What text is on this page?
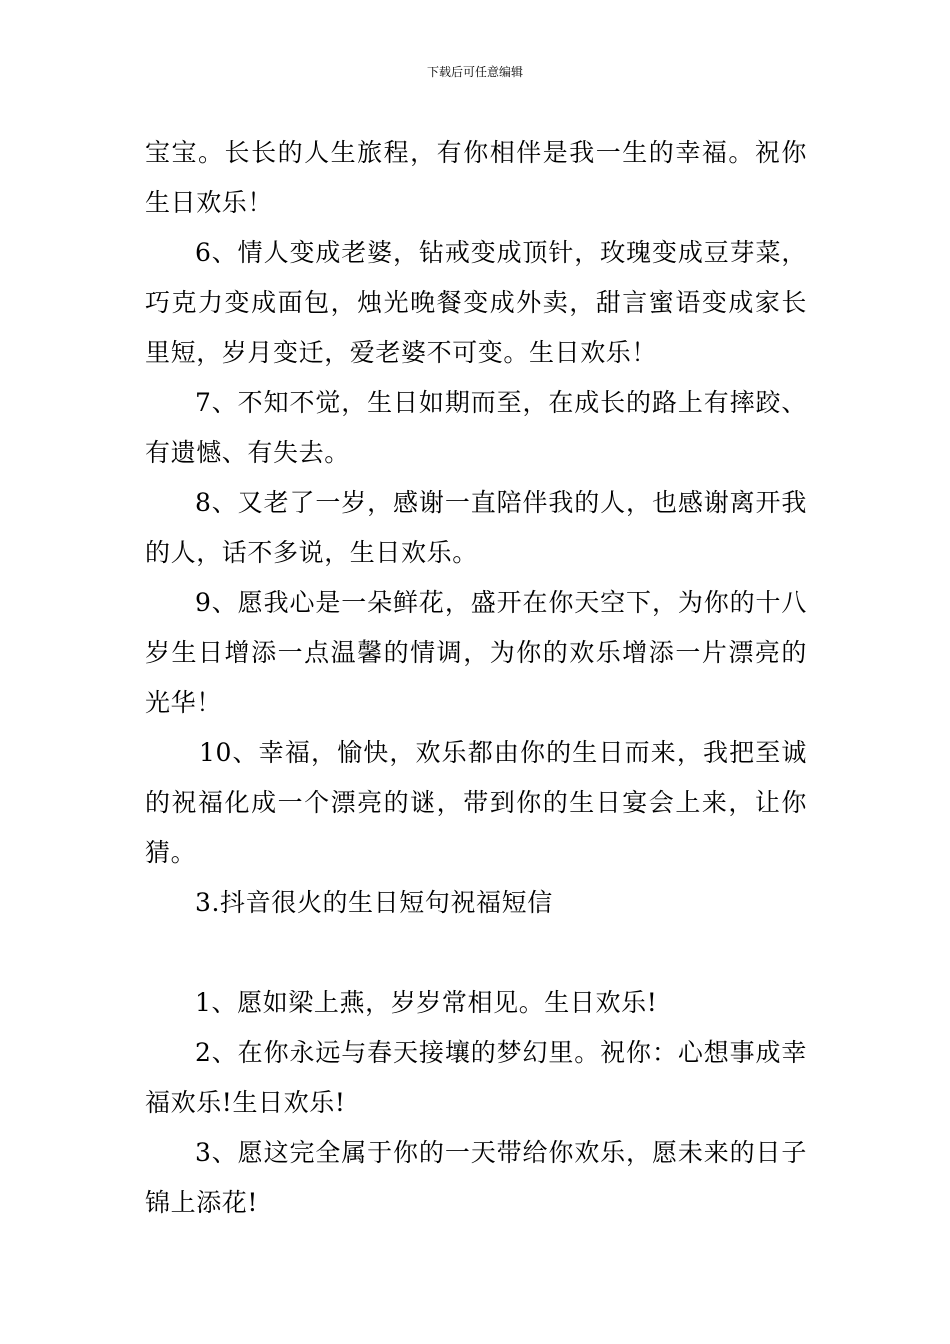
下载后可任意编辑

宝宝。长长的人生旅程，有你相伴是我一生的幸福。祝你生日欢乐！

6、情人变成老婆，钻戒变成顶针，玫瑰变成豆芽菜，巧克力变成面包，烛光晚餐变成外卖，甜言蜜语变成家长里短，岁月变迁，爱老婆不可变。生日欢乐！

7、不知不觉，生日如期而至，在成长的路上有摔跤、有遗憾、有失去。

8、又老了一岁，感谢一直陪伴我的人，也感谢离开我的人，话不多说，生日欢乐。

9、愿我心是一朵鲜花，盛开在你天空下，为你的十八岁生日增添一点温馨的情调，为你的欢乐增添一片漂亮的光华！

10、幸福，愉快，欢乐都由你的生日而来，我把至诚的祝福化成一个漂亮的谜，带到你的生日宴会上来，让你猜。

3.抖音很火的生日短句祝福短信

1、愿如梁上燕，岁岁常相见。生日欢乐!

2、在你永远与春天接壤的梦幻里。祝你：心想事成幸福欢乐!生日欢乐!

3、愿这完全属于你的一天带给你欢乐，愿未来的日子锦上添花!
